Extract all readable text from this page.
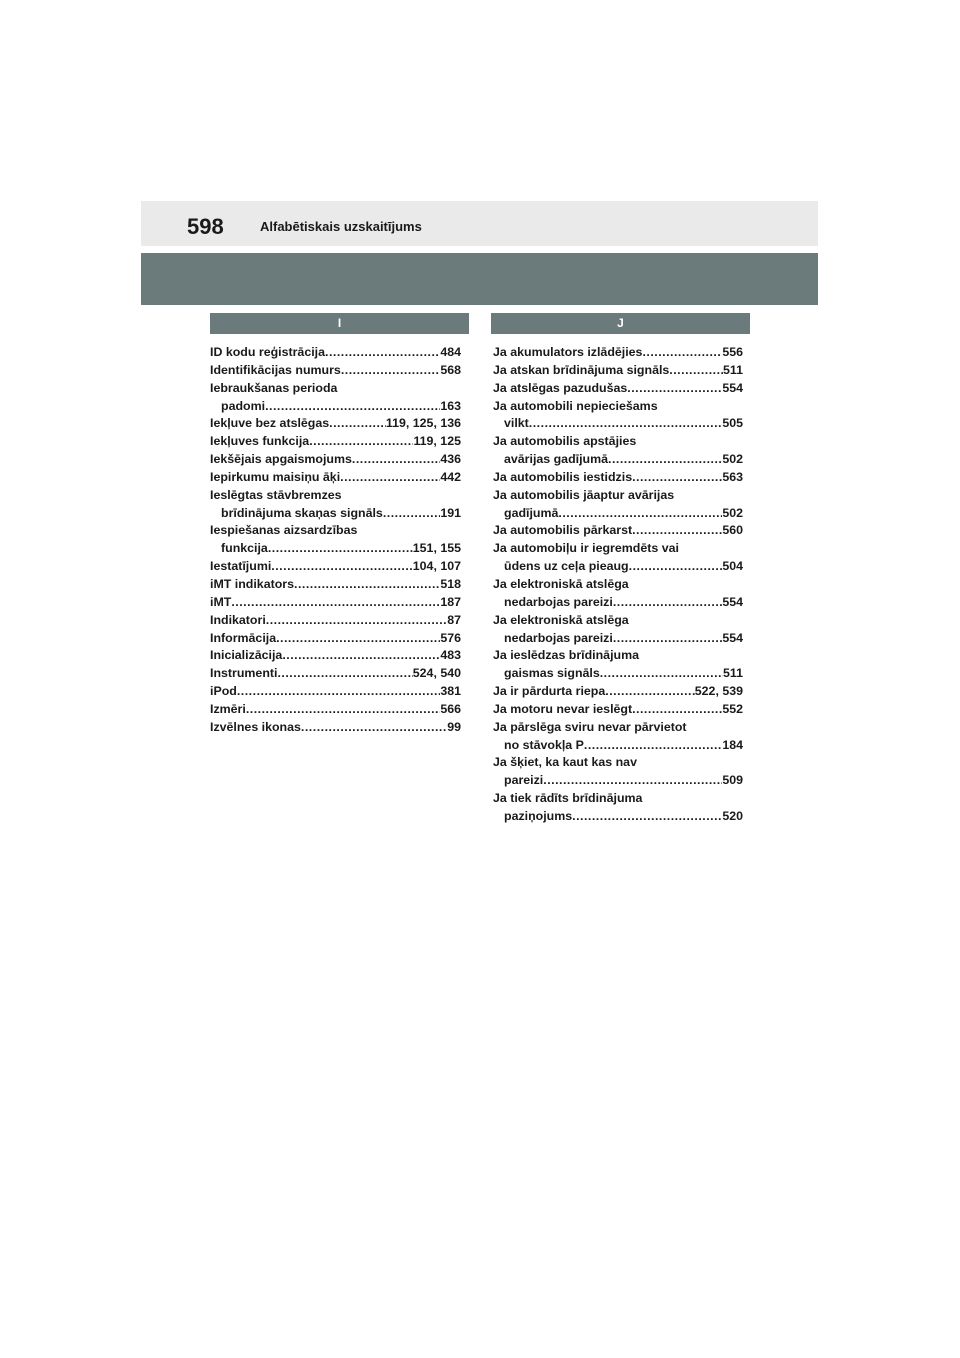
598	Alfabētiskais uzskaitījums
I	J
ID kodu reģistrācija .....	484
Identifikācijas numurs .....	568
Iebraukšanas perioda
padomi .....	163
Iekļuve bez atslēgas .....	119, 125, 136
Iekļuves funkcija .....	119, 125
Iekšējais apgaismojums .....	436
Iepirkumu maisiņu āķi .....	442
Ieslēgtas stāvbremzes
brīdinājuma skaņas signāls .....	191
Iespiešanas aizsardzības
funkcija .....	151, 155
Iestatījumi .....	104, 107
iMT indikators .....	518
iMT .....	187
Indikatori .....	87
Informācija .....	576
Inicializācija .....	483
Instrumenti .....	524, 540
iPod .....	381
Izmēri .....	566
Izvēlnes ikonas .....	99
Ja akumulators izlādējies .....	556
Ja atskan brīdinājuma signāls .....	511
Ja atslēgas pazudušas .....	554
Ja automobili nepieciešams
vilkt .....	505
Ja automobilis apstājies
avārijas gadījumā .....	502
Ja automobilis iestidzis .....	563
Ja automobilis jāaptur avārijas
gadījumā .....	502
Ja automobilis pārkarst .....	560
Ja automobiļu ir iegremdēts vai
ūdens uz ceļa pieaug .....	504
Ja elektroniskā atslēga
nedarbojas pareizi .....	554
Ja elektroniskā atslēga
nedarbojas pareizi .....	554
Ja ieslēdzas brīdinājuma
gaismas signāls .....	511
Ja ir pārdurta riepa .....	522, 539
Ja motoru nevar ieslēgt .....	552
Ja pārslēga sviru nevar pārvietot
no stāvokļa P .....	184
Ja šķiet, ka kaut kas nav
pareizi .....	509
Ja tiek rādīts brīdinājuma
paziņojums .....	520
